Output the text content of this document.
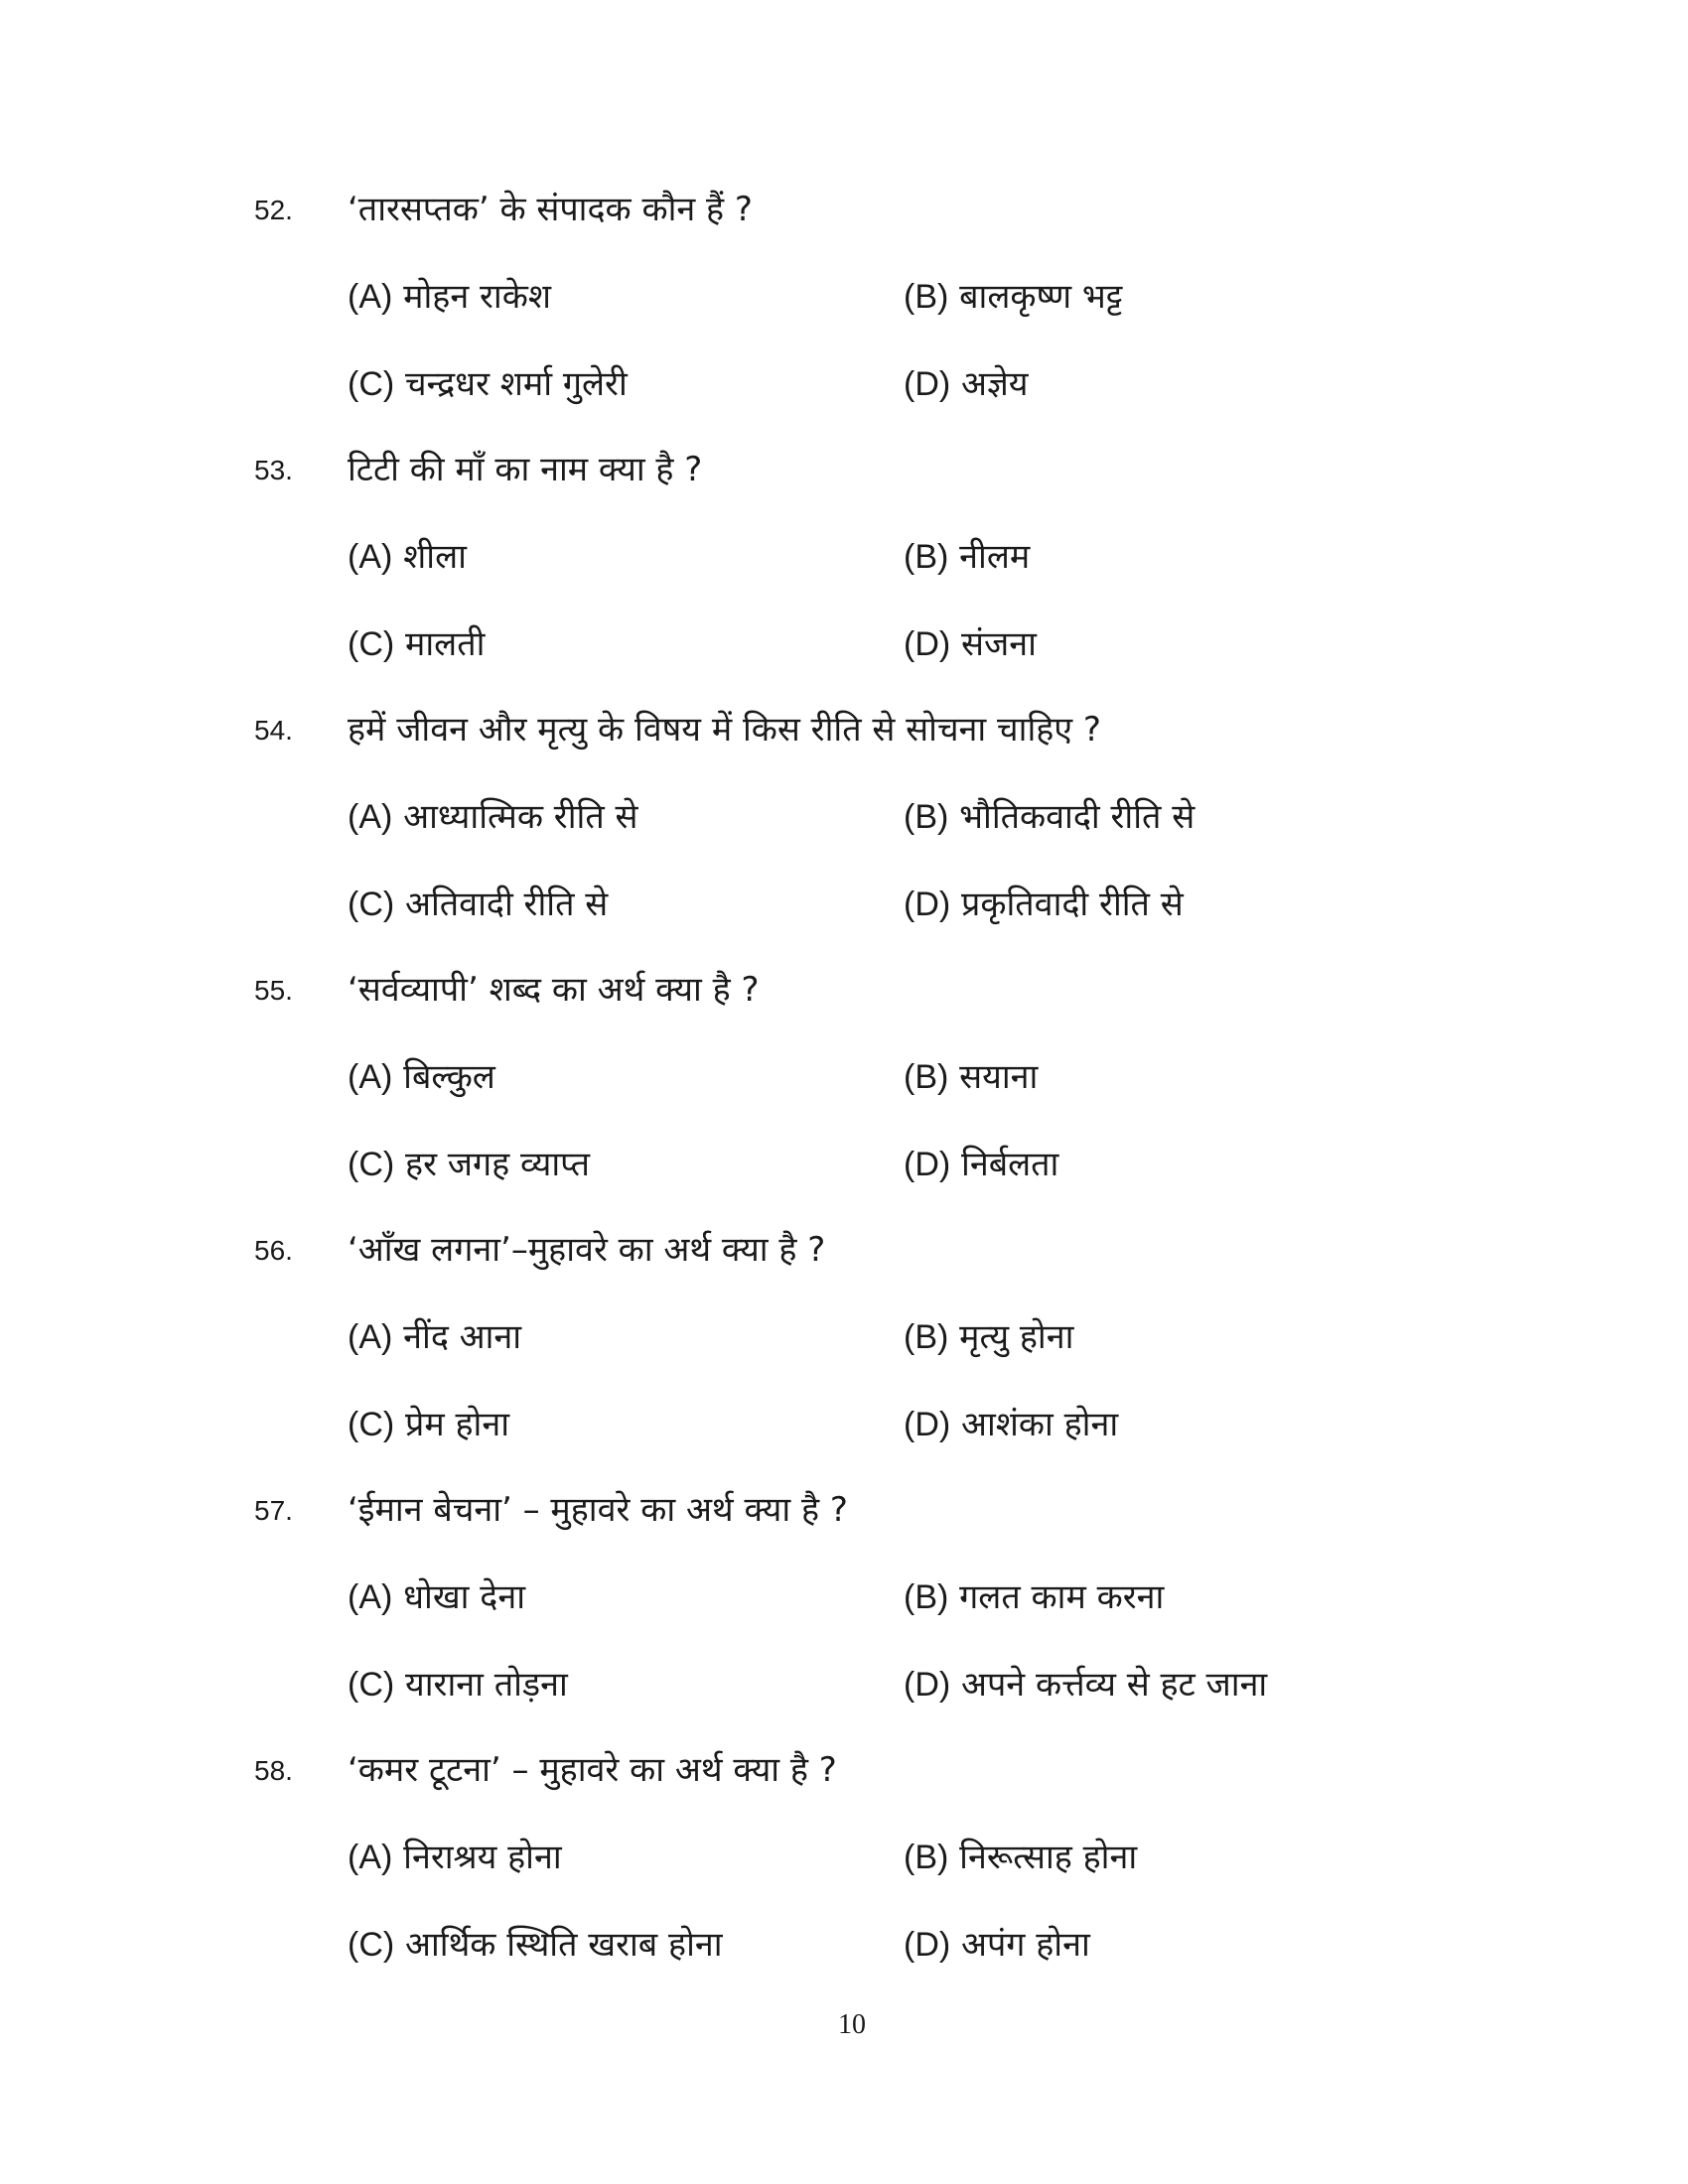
52. ‘तारसप्तक’ के संपादक कौन हैं ?
(A) मोहन राकेश	(B) बालकृष्ण भट्ट
(C) चन्द्रधर शर्मा गुलेरी	(D) अज्ञेय
53. टिटी की माँ का नाम क्या है ?
(A) शीला	(B) नीलम
(C) मालती	(D) संजना
54. हमें जीवन और मृत्यु के विषय में किस रीति से सोचना चाहिए ?
(A) आध्यात्मिक रीति से	(B) भौतिकवादी रीति से
(C) अतिवादी रीति से	(D) प्रकृतिवादी रीति से
55. ‘सर्वव्यापी’ शब्द का अर्थ क्या है ?
(A) बिल्कुल	(B) सयाना
(C) हर जगह व्याप्त	(D) निर्बलता
56. ‘आँख लगना’–मुहावरे का अर्थ क्या है ?
(A) नींद आना	(B) मृत्यु होना
(C) प्रेम होना	(D) आशंका होना
57. ‘ईमान बेचना’ – मुहावरे का अर्थ क्या है ?
(A) धोखा देना	(B) गलत काम करना
(C) याराना तोड़ना	(D) अपने कर्त्तव्य से हट जाना
58. ‘कमर टूटना’ – मुहावरे का अर्थ क्या है ?
(A) निराश्रय होना	(B) निरूत्साह होना
(C) आर्थिक स्थिति खराब होना	(D) अपंग होना
10
